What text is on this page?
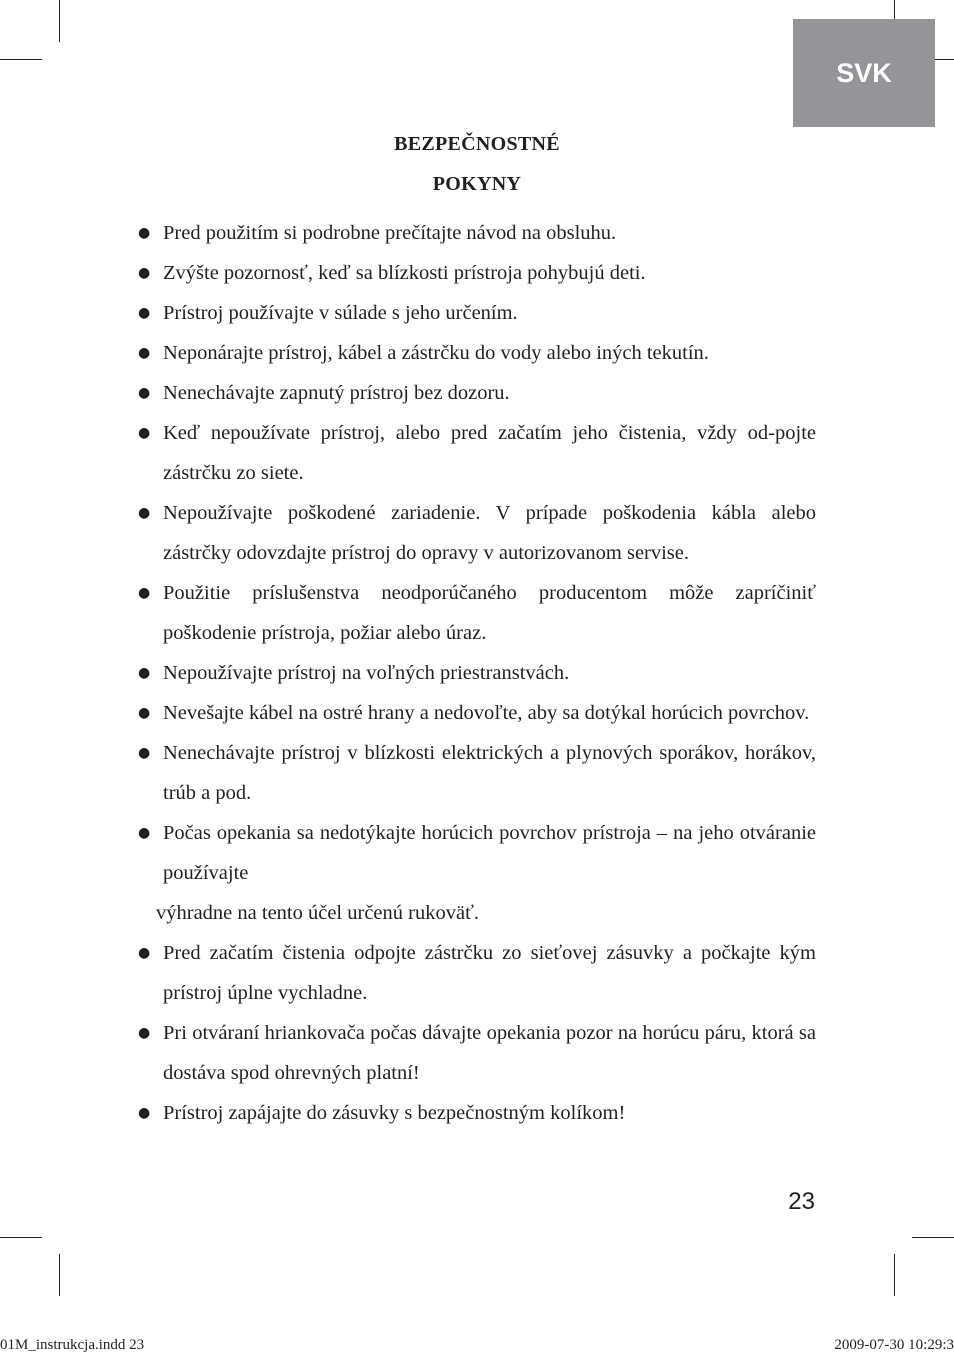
SVK
BEZPEČNOSTNÉ
POKYNY
● Pred použitím si podrobne prečítajte návod na obsluhu.
● Zvýšte pozornosť, keď sa blízkosti prístroja pohybujú deti.
● Prístroj používajte v súlade s jeho určením.
● Neponárajte prístroj, kábel a zástrčku do vody alebo iných tekutín.
● Nenechávajte zapnutý prístroj bez dozoru.
● Keď nepoužívate prístroj, alebo pred začatím jeho čistenia, vždy od-pojte zástrčku zo siete.
● Nepoužívajte poškodené zariadenie. V prípade poškodenia kábla alebo zástrčky odovzdajte prístroj do opravy v autorizovanom servise.
● Použitie príslušenstva neodporúčaného producentom môže zapríčiniť poškodenie prístroja, požiar alebo úraz.
● Nepoužívajte prístroj na voľných priestranstvách.
● Nevešajte kábel na ostré hrany a nedovoľte, aby sa dotýkal horúcich povrchov.
● Nenechávajte prístroj v blízkosti elektrických a plynových sporákov, horákov, trúb a pod.
● Počas opekania sa nedotýkajte horúcich povrchov prístroja – na jeho otváranie používajte
výhradne na tento účel určenú rukoväť.
● Pred začatím čistenia odpojte zástrčku zo sieťovej zásuvky a počkajte kým prístroj úplne vychladne.
● Pri otváraní hriankovača počas dávajte opekania pozor na horúcu páru, ktorá sa dostáva spod ohrevných platní!
● Prístroj zapájajte do zásuvky s bezpečnostným kolíkom!
23
01M_instrukcja.indd 23	2009-07-30 10:29:3
